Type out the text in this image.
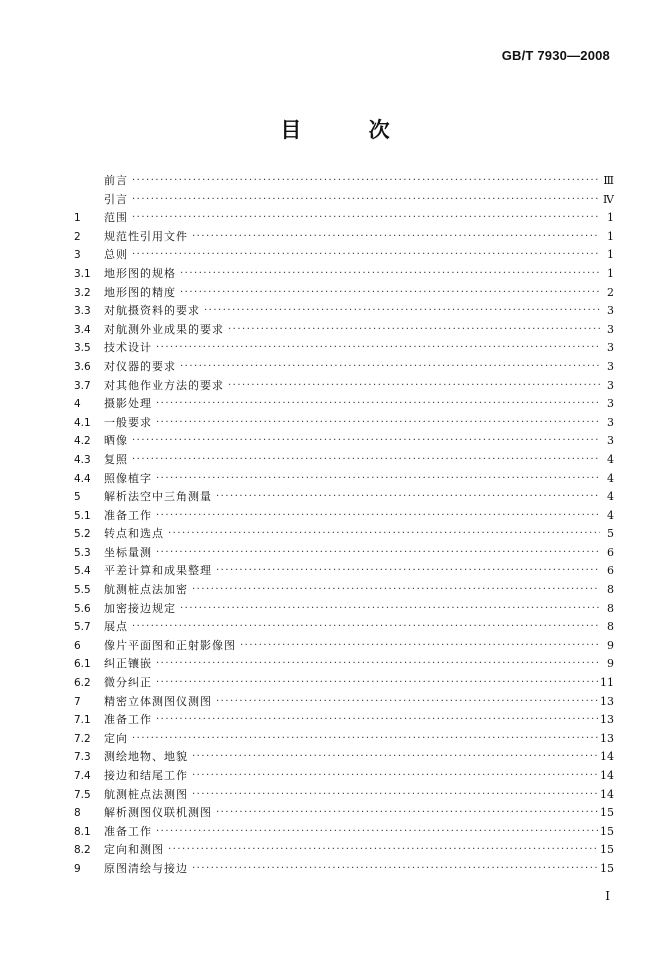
GB/T 7930—2008
目 次
前言 ·····	Ⅲ
引言 ·····	Ⅳ
1	范围 ·····	1
2	规范性引用文件 ·····	1
3	总则 ·····	1
3.1	地形图的规格 ·····	1
3.2	地形图的精度 ·····	2
3.3	对航摄资料的要求 ·····	3
3.4	对航测外业成果的要求 ·····	3
3.5	技术设计 ·····	3
3.6	对仪器的要求 ·····	3
3.7	对其他作业方法的要求 ·····	3
4	摄影处理 ·····	3
4.1	一般要求 ·····	3
4.2	晒像 ·····	3
4.3	复照 ·····	4
4.4	照像植字 ·····	4
5	解析法空中三角测量 ·····	4
5.1	准备工作 ·····	4
5.2	转点和选点 ·····	5
5.3	坐标量测 ·····	6
5.4	平差计算和成果整理 ·····	6
5.5	航测桩点法加密 ·····	8
5.6	加密接边规定 ·····	8
5.7	展点 ·····	8
6	像片平面图和正射影像图 ·····	9
6.1	纠正镶嵌 ·····	9
6.2	微分纠正 ·····	11
7	精密立体测图仪测图 ·····	13
7.1	准备工作 ·····	13
7.2	定向 ·····	13
7.3	测绘地物、地貌 ·····	14
7.4	接边和结尾工作 ·····	14
7.5	航测桩点法测图 ·····	14
8	解析测图仪联机测图 ·····	15
8.1	准备工作 ·····	15
8.2	定向和测图 ·····	15
9	原图清绘与接边 ·····	15
Ⅰ
